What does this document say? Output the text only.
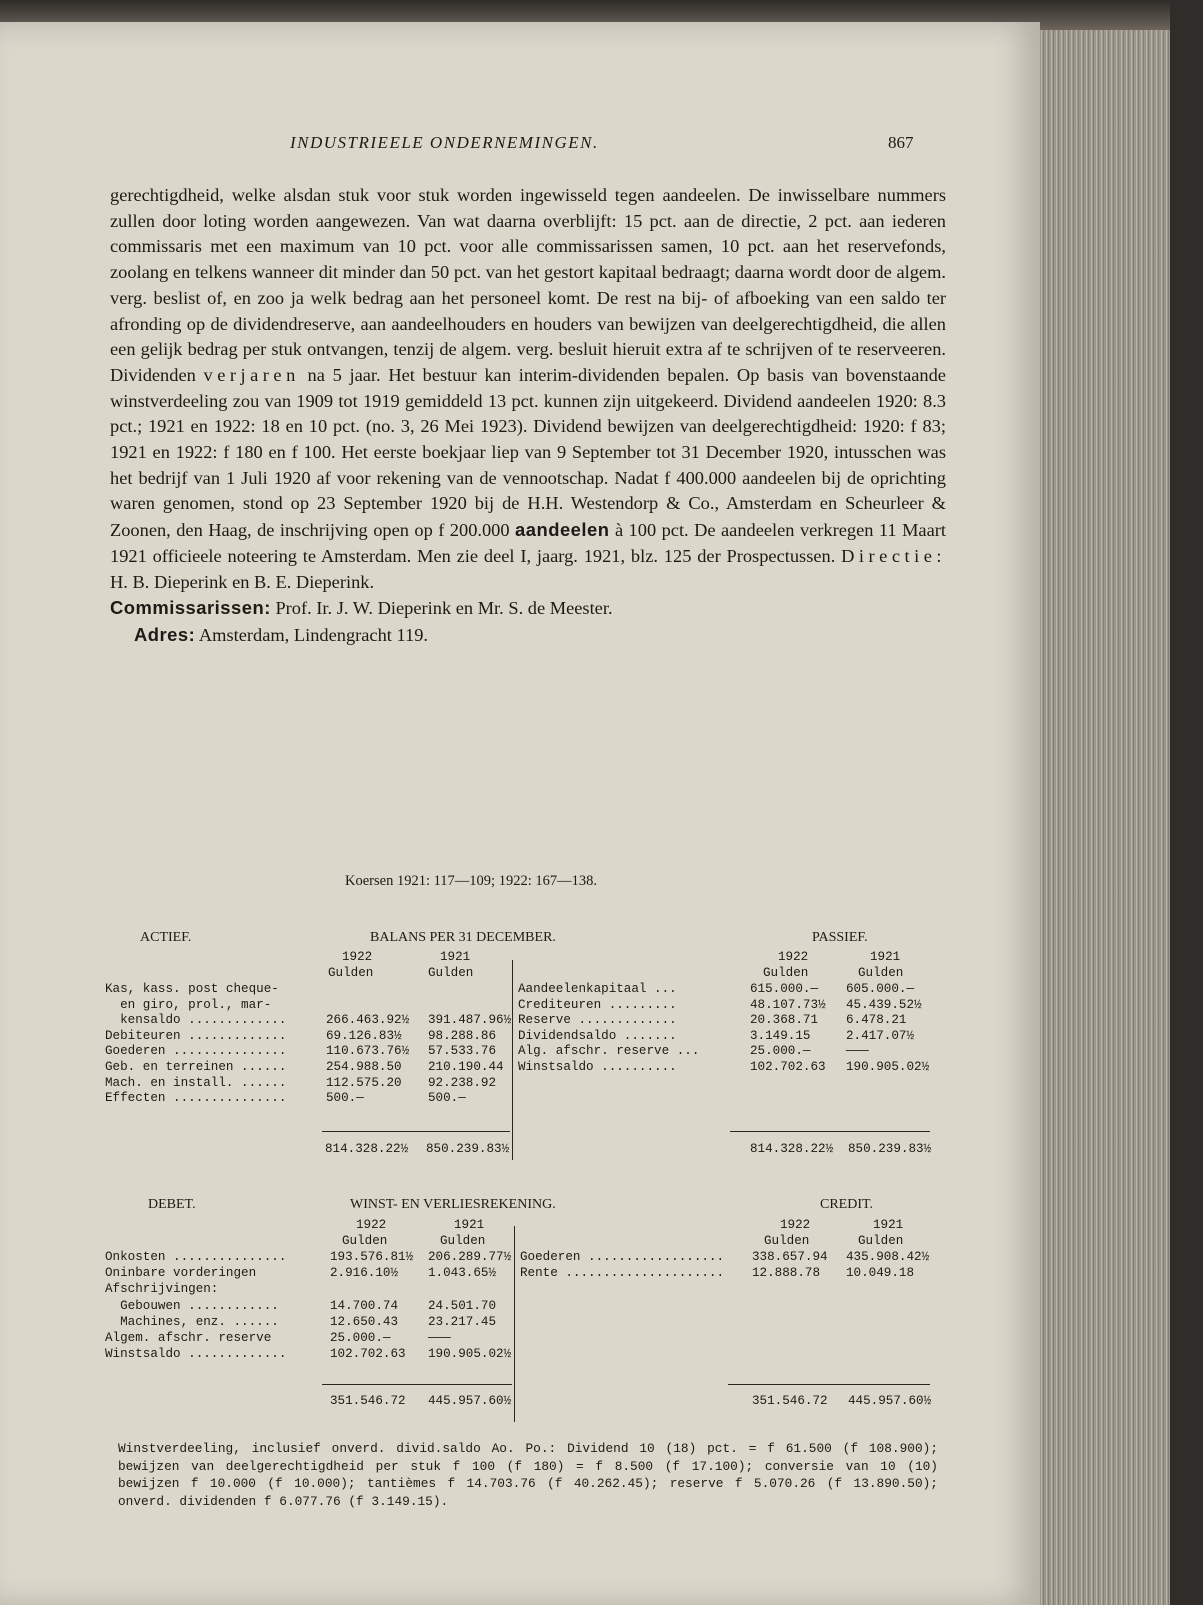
INDUSTRIEELE ONDERNEMINGEN.	867

gerechtigdheid, welke alsdan stuk voor stuk worden ingewisseld tegen aandeelen. De inwisselbare nummers zullen door loting worden aangewezen. Van wat daarna overblijft: 15 pct. aan de directie, 2 pct. aan iederen commissaris met een maximum van 10 pct. voor alle commissarissen samen, 10 pct. aan het reservefonds, zoolang en telkens wanneer dit minder dan 50 pct. van het gestort kapitaal bedraagt; daarna wordt door de algem. verg. beslist of, en zoo ja welk bedrag aan het personeel komt. De rest na bij- of afboeking van een saldo ter afronding op de dividendreserve, aan aandeelhouders en houders van bewijzen van deelgerechtigdheid, die allen een gelijk bedrag per stuk ontvangen, tenzij de algem. verg. besluit hieruit extra af te schrijven of te reserveeren. Dividenden verjaren na 5 jaar. Het bestuur kan interim-dividenden bepalen. Op basis van bovenstaande winstverdeeling zou van 1909 tot 1919 gemiddeld 13 pct. kunnen zijn uitgekeerd. Dividend aandeelen 1920: 8.3 pct.; 1921 en 1922: 18 en 10 pct. (no. 3, 26 Mei 1923). Dividend bewijzen van deelgerechtigdheid: 1920: f 83; 1921 en 1922: f 180 en f 100. Het eerste boekjaar liep van 9 September tot 31 December 1920, intusschen was het bedrijf van 1 Juli 1920 af voor rekening van de vennootschap. Nadat f 400.000 aandeelen bij de oprichting waren genomen, stond op 23 September 1920 bij de H.H. Westendorp & Co., Amsterdam en Scheurleer & Zoonen, den Haag, de inschrijving open op f 200.000 aandeelen à 100 pct. De aandeelen verkregen 11 Maart 1921 officieele noteering te Amsterdam. Men zie deel I, jaarg. 1921, blz. 125 der Prospectussen. Directie: H. B. Dieperink en B. E. Dieperink.

Commissarissen: Prof. Ir. J. W. Dieperink en Mr. S. de Meester.

Adres: Amsterdam, Lindengracht 119.

Koersen 1921: 117—109; 1922: 167—138.
ACTIEF.	BALANS PER 31 DECEMBER.	PASSIEF.
1922	1921
Gulden	Gulden
1922	1921
Gulden	Gulden
Kas, kass. post cheque-
en giro, prol., mar-
kensaldo .............	266.463.92½ 391.487.96½
Debiteuren .............	69.126.83½ 98.288.86
Goederen ...............	110.673.76½ 57.533.76
Geb. en terreinen ......	254.988.50 210.190.44
Mach. en install. ......	112.575.20 92.238.92
Effecten ...............	500.—	500.—
Aandeelenkapitaal ...	615.000.— 605.000.—
Crediteuren .........	48.107.73½ 45.439.52½
Reserve .............	20.368.71 6.478.21
Dividendsaldo .......	3.149.15	2.417.07½
Alg. afschr. reserve ...	25.000.—	———
Winstsaldo ..........	102.702.63 190.905.02½
814.328.22½ 850.239.83½	814.328.22½ 850.239.83½
DEBET.	WINST- EN VERLIESREKENING.	CREDIT.
1922	1921
Gulden	Gulden
1922	1921
Gulden	Gulden
Onkosten ...............	193.576.81½ 206.289.77½
Oninbare vorderingen	2.916.10½ 1.043.65½
Afschrijvingen:
Gebouwen ............	14.700.74 24.501.70
Machines, enz. ......	12.650.43 23.217.45
Algem. afschr. reserve	25.000.—	———
Winstsaldo .............	102.702.63 190.905.02½
Goederen .................. 338.657.94 435.908.42½
Rente ..................... 12.888.78 10.049.18
351.546.72 445.957.60½	351.546.72 445.957.60½
Winstverdeeling, inclusief onverd. divid.saldo Ao. Po.: Dividend 10 (18) pct. = f 61.500 (f 108.900); bewijzen van deelgerechtigdheid per stuk f 100 (f 180) = f 8.500 (f 17.100); conversie van 10 (10) bewijzen f 10.000 (f 10.000); tantièmes f 14.703.76 (f 40.262.45); reserve f 5.070.26 (f 13.890.50); onverd. dividenden f 6.077.76 (f 3.149.15).
